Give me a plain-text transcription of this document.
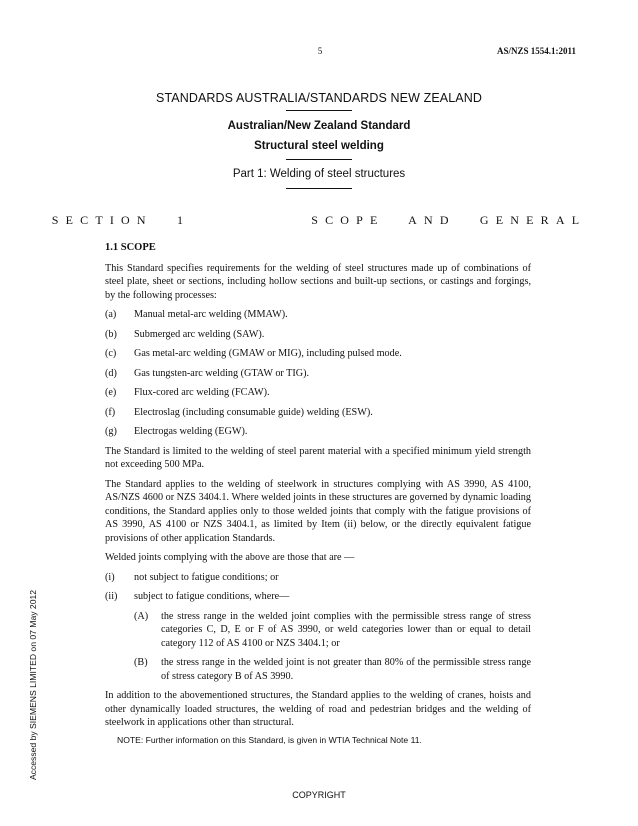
5	AS/NZS 1554.1:2011
STANDARDS AUSTRALIA/STANDARDS NEW ZEALAND
Australian/New Zealand Standard
Structural steel welding
Part 1: Welding of steel structures
SECTION 1	SCOPE AND GENERAL
1.1 SCOPE
This Standard specifies requirements for the welding of steel structures made up of combinations of steel plate, sheet or sections, including hollow sections and built-up sections, or castings and forgings, by the following processes:
(a)	Manual metal-arc welding (MMAW).
(b)	Submerged arc welding (SAW).
(c)	Gas metal-arc welding (GMAW or MIG), including pulsed mode.
(d)	Gas tungsten-arc welding (GTAW or TIG).
(e)	Flux-cored arc welding (FCAW).
(f)	Electroslag (including consumable guide) welding (ESW).
(g)	Electrogas welding (EGW).
The Standard is limited to the welding of steel parent material with a specified minimum yield strength not exceeding 500 MPa.
The Standard applies to the welding of steelwork in structures complying with AS 3990, AS 4100, AS/NZS 4600 or NZS 3404.1. Where welded joints in these structures are governed by dynamic loading conditions, the Standard applies only to those welded joints that comply with the fatigue provisions of AS 3990, AS 4100 or NZS 3404.1, as limited by Item (ii) below, or the directly equivalent fatigue provisions of other application Standards.
Welded joints complying with the above are those that are —
(i)	not subject to fatigue conditions; or
(ii)	subject to fatigue conditions, where—
(A)	the stress range in the welded joint complies with the permissible stress range of stress categories C, D, E or F of AS 3990, or weld categories lower than or equal to detail category 112 of AS 4100 or NZS 3404.1; or
(B)	the stress range in the welded joint is not greater than 80% of the permissible stress range of stress category B of AS 3990.
In addition to the abovementioned structures, the Standard applies to the welding of cranes, hoists and other dynamically loaded structures, the welding of road and pedestrian bridges and the welding of steelwork in applications other than structural.
NOTE: Further information on this Standard, is given in WTIA Technical Note 11.
COPYRIGHT
Accessed by SIEMENS LIMITED on 07 May 2012
